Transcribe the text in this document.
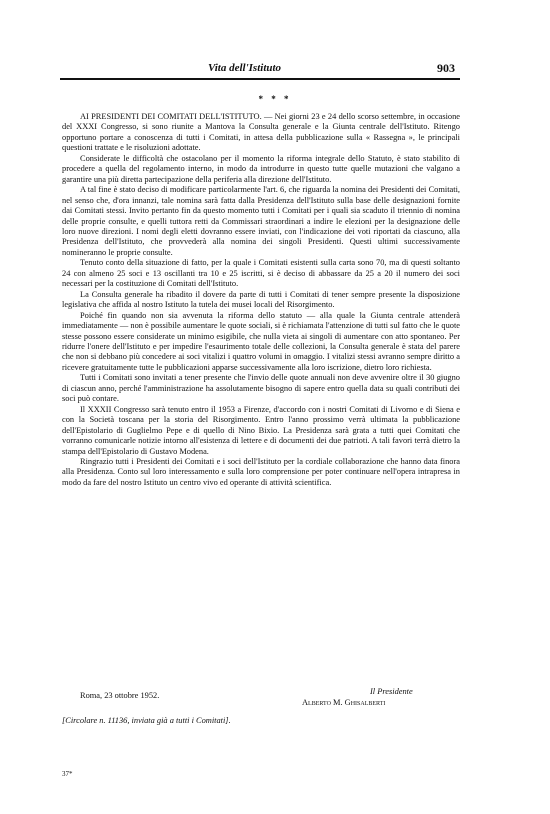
Vita dell'Istituto	903
* * *

AI PRESIDENTI DEI COMITATI DELL'ISTITUTO. — Nei giorni 23 e 24 dello scorso settembre, in occasione del XXXI Congresso, si sono riunite a Mantova la Consulta generale e la Giunta centrale dell'Istituto. Ritengo opportuno portare a conoscenza di tutti i Comitati, in attesa della pubblicazione sulla « Rassegna », le principali questioni trattate e le risoluzioni adottate.

Considerate le difficoltà che ostacolano per il momento la riforma integrale dello Statuto, è stato stabilito di procedere a quella del regolamento interno, in modo da introdurre in questo tutte quelle mutazioni che valgano a garantire una più diretta partecipazione della periferia alla direzione dell'Istituto.

A tal fine è stato deciso di modificare particolarmente l'art. 6, che riguarda la nomina dei Presidenti dei Comitati, nel senso che, d'ora innanzi, tale nomina sarà fatta dalla Presidenza dell'Istituto sulla base delle designazioni fornite dai Comitati stessi. Invito pertanto fin da questo momento tutti i Comitati per i quali sia scaduto il triennio di nomina delle proprie consulte, e quelli tuttora retti da Commissari straordinari a indire le elezioni per la designazione delle loro nuove direzioni. I nomi degli eletti dovranno essere inviati, con l'indicazione dei voti riportati da ciascuno, alla Presidenza dell'Istituto, che provvederà alla nomina dei singoli Presidenti. Questi ultimi successivamente nomineranno le proprie consulte.

Tenuto conto della situazione di fatto, per la quale i Comitati esistenti sulla carta sono 70, ma di questi soltanto 24 con almeno 25 soci e 13 oscillanti tra 10 e 25 iscritti, si è deciso di abbassare da 25 a 20 il numero dei soci necessari per la costituzione di Comitati dell'Istituto.

La Consulta generale ha ribadito il dovere da parte di tutti i Comitati di tener sempre presente la disposizione legislativa che affida al nostro Istituto la tutela dei musei locali del Risorgimento.

Poiché fin quando non sia avvenuta la riforma dello statuto — alla quale la Giunta centrale attenderà immediatamente — non è possibile aumentare le quote sociali, si è richiamata l'attenzione di tutti sul fatto che le quote stesse possono essere considerate un minimo esigibile, che nulla vieta ai singoli di aumentare con atto spontaneo. Per ridurre l'onere dell'Istituto e per impedire l'esaurimento totale delle collezioni, la Consulta generale è stata del parere che non si debbano più concedere ai soci vitalizi i quattro volumi in omaggio. I vitalizi stessi avranno sempre diritto a ricevere gratuitamente tutte le pubblicazioni apparse successivamente alla loro iscrizione, dietro loro richiesta.

Tutti i Comitati sono invitati a tener presente che l'invio delle quote annuali non deve avvenire oltre il 30 giugno di ciascun anno, perché l'amministrazione ha assolutamente bisogno di sapere entro quella data su quali contributi dei soci può contare.

Il XXXII Congresso sarà tenuto entro il 1953 a Firenze, d'accordo con i nostri Comitati di Livorno e di Siena e con la Società toscana per la storia del Risorgimento. Entro l'anno prossimo verrà ultimata la pubblicazione dell'Epistolario di Guglielmo Pepe e di quello di Nino Bixio. La Presidenza sarà grata a tutti quei Comitati che vorranno comunicarle notizie intorno all'esistenza di lettere e di documenti dei due patrioti. A tali favori terrà dietro la stampa dell'Epistolario di Gustavo Modena.

Ringrazio tutti i Presidenti dei Comitati e i soci dell'Istituto per la cordiale collaborazione che hanno data finora alla Presidenza. Conto sul loro interessamento e sulla loro comprensione per poter continuare nell'opera intrapresa in modo da fare del nostro Istituto un centro vivo ed operante di attività scientifica.

Roma, 23 ottobre 1952.	Il Presidente
Alberto M. Ghisalberti
[Circolare n. 11136, inviata già a tutti i Comitati].
37*
